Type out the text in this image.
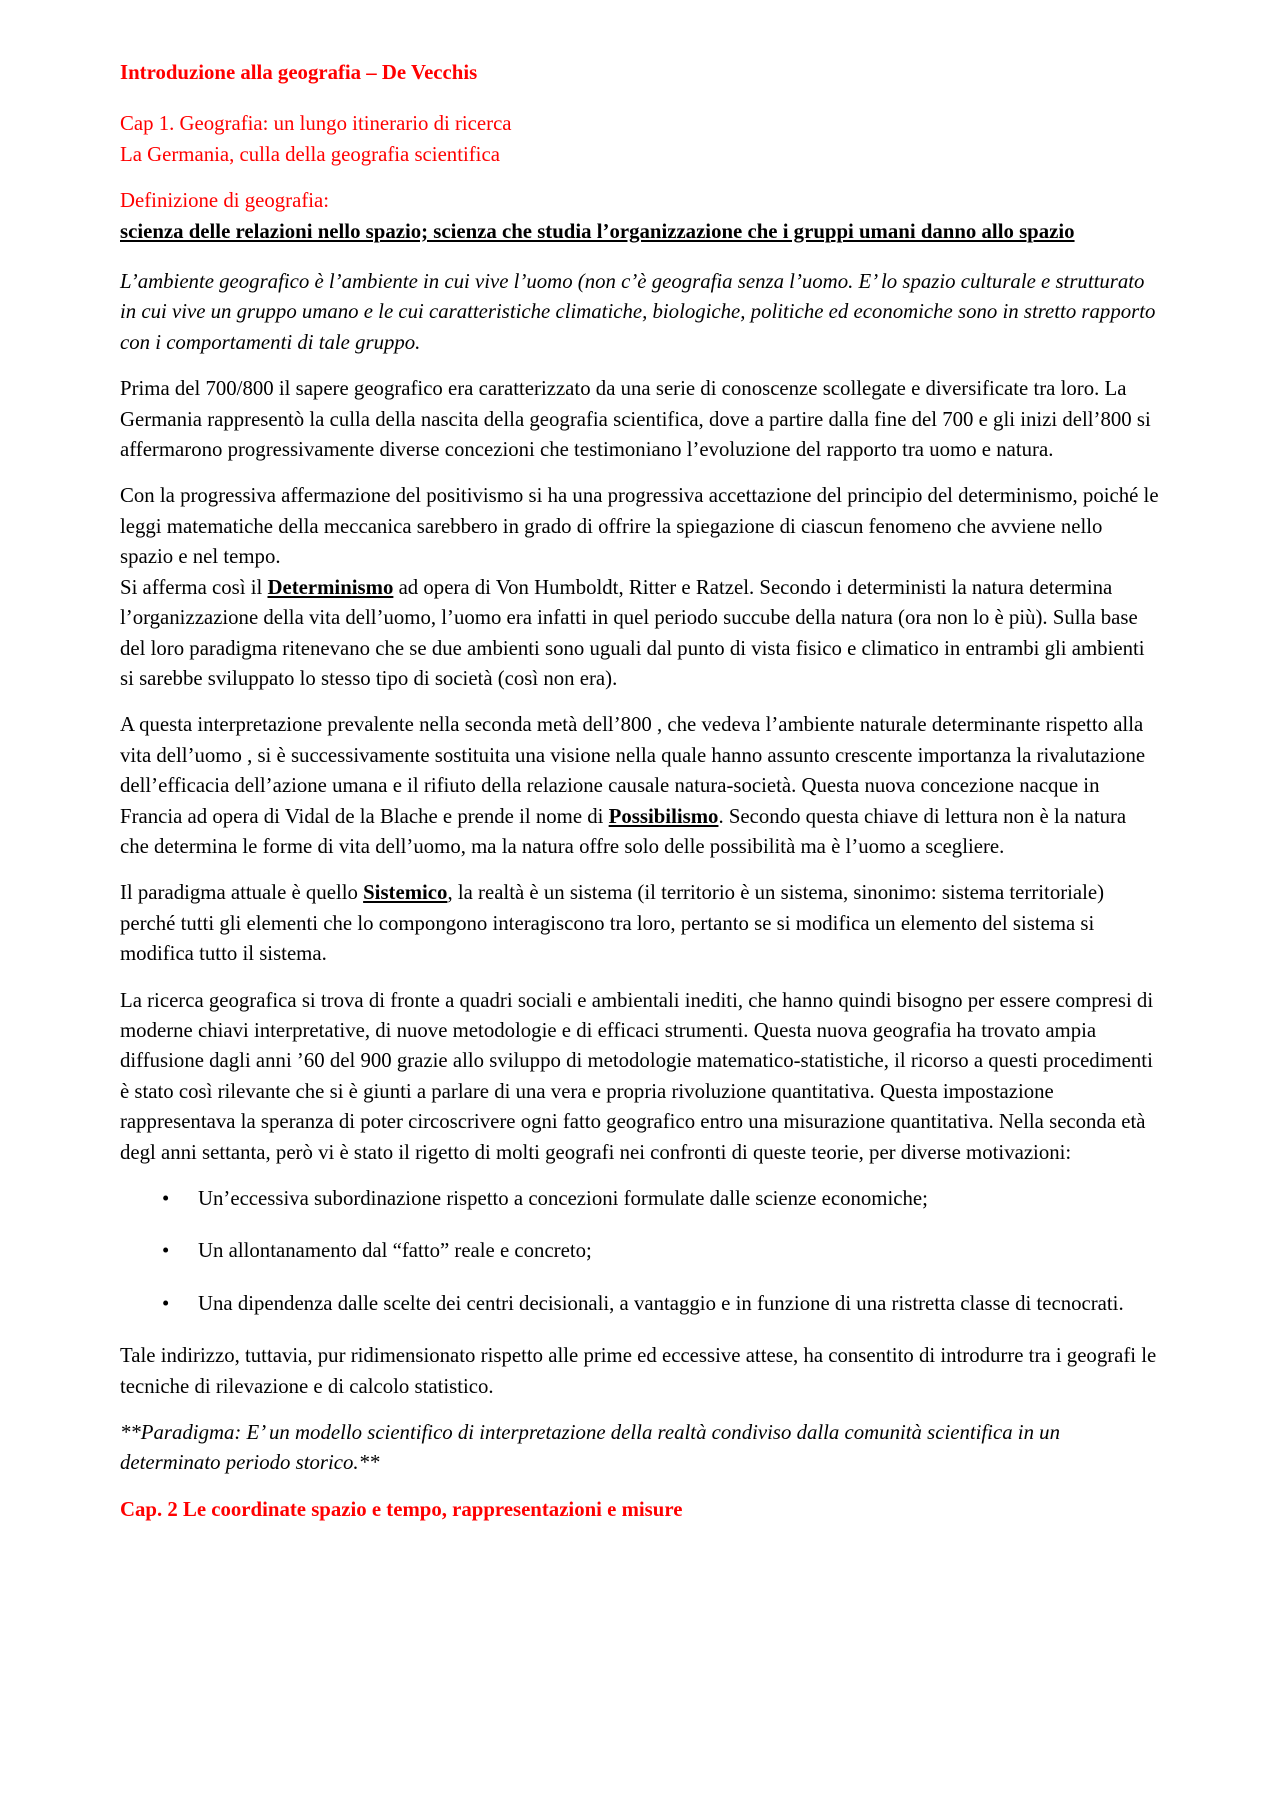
Introduzione alla geografia – De Vecchis

Cap 1. Geografia: un lungo itinerario di ricerca

La Germania, culla della geografia scientifica

Definizione di geografia:

scienza delle relazioni nello spazio; scienza che studia l’organizzazione che i gruppi umani danno allo spazio

L’ambiente geografico è l’ambiente in cui vive l’uomo (non c’è geografia senza l’uomo. E’ lo spazio culturale e strutturato in cui vive un gruppo umano e le cui caratteristiche climatiche, biologiche, politiche ed economiche sono in stretto rapporto con i comportamenti di tale gruppo.

Prima del 700/800 il sapere geografico era caratterizzato da una serie di conoscenze scollegate e diversificate tra loro. La Germania rappresentò la culla della nascita della geografia scientifica, dove a partire dalla fine del 700 e gli inizi dell’800 si affermarono progressivamente diverse concezioni che testimoniano l’evoluzione del rapporto tra uomo e natura.

Con la progressiva affermazione del positivismo si ha una progressiva accettazione del principio del determinismo, poiché le leggi matematiche della meccanica sarebbero in grado di offrire la spiegazione di ciascun fenomeno che avviene nello spazio e nel tempo.

Si afferma così il Determinismo ad opera di Von Humboldt, Ritter e Ratzel. Secondo i deterministi la natura determina l’organizzazione della vita dell’uomo, l’uomo era infatti in quel periodo succube della natura (ora non lo è più). Sulla base del loro paradigma ritenevano che se due ambienti sono uguali dal punto di vista fisico e climatico in entrambi gli ambienti si sarebbe sviluppato lo stesso tipo di società (così non era).

A questa interpretazione prevalente nella seconda metà dell’800 , che vedeva l’ambiente naturale determinante rispetto alla vita dell’uomo , si è successivamente sostituita una visione nella quale hanno assunto crescente importanza la rivalutazione dell’efficacia dell’azione umana e il rifiuto della relazione causale natura-società. Questa nuova concezione nacque in Francia ad opera di Vidal de la Blache e prende il nome di Possibilismo. Secondo questa chiave di lettura non è la natura che determina le forme di vita dell’uomo, ma la natura offre solo delle possibilità ma è l’uomo a scegliere.

Il paradigma attuale è quello Sistemico, la realtà è un sistema (il territorio è un sistema, sinonimo: sistema territoriale) perché tutti gli elementi che lo compongono interagiscono tra loro, pertanto se si modifica un elemento del sistema si modifica tutto il sistema.

La ricerca geografica si trova di fronte a quadri sociali e ambientali inediti, che hanno quindi bisogno per essere compresi di moderne chiavi interpretative, di nuove metodologie e di efficaci strumenti. Questa nuova geografia ha trovato ampia diffusione dagli anni ’60 del 900 grazie allo sviluppo di metodologie matematico-statistiche, il ricorso a questi procedimenti è stato così rilevante che si è giunti a parlare di una vera e propria rivoluzione quantitativa. Questa impostazione rappresentava la speranza di poter circoscrivere ogni fatto geografico entro una misurazione quantitativa. Nella seconda età degl anni settanta, però vi è stato il rigetto di molti geografi nei confronti di queste teorie, per diverse motivazioni:

• Un’eccessiva subordinazione rispetto a concezioni formulate dalle scienze economiche;
• Un allontanamento dal “fatto” reale e concreto;
• Una dipendenza dalle scelte dei centri decisionali, a vantaggio e in funzione di una ristretta classe di tecnocrati.

Tale indirizzo, tuttavia, pur ridimensionato rispetto alle prime ed eccessive attese, ha consentito di introdurre tra i geografi le tecniche di rilevazione e di calcolo statistico.

**Paradigma: E’ un modello scientifico di interpretazione della realtà condiviso dalla comunità scientifica in un determinato periodo storico.**

Cap. 2 Le coordinate spazio e tempo, rappresentazioni e misure
